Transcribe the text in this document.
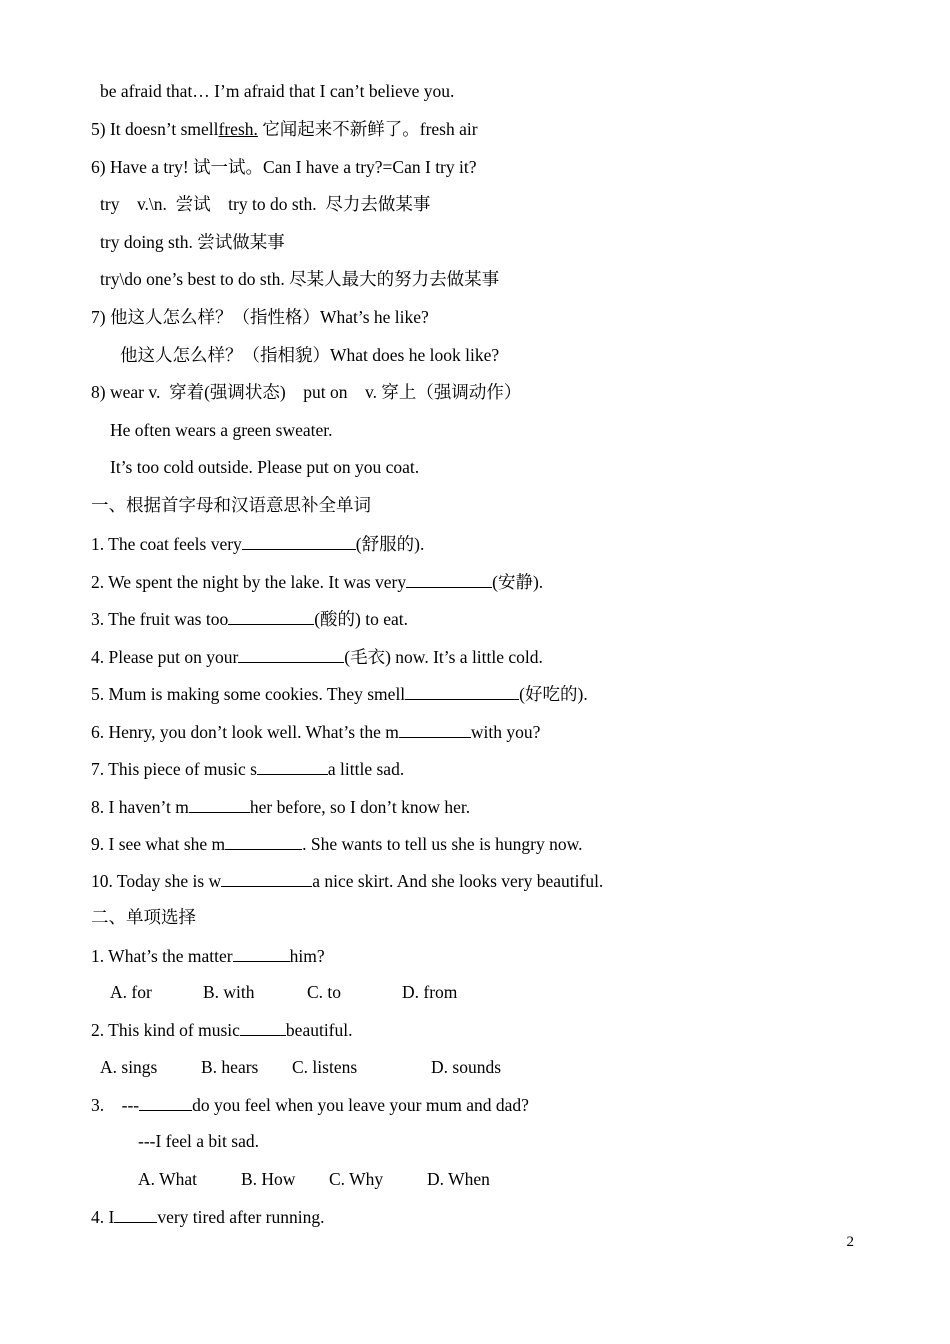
be afraid that… I’m afraid that I can’t believe you.
5) It doesn’t smellfresh. 它闻起来不新鲜了。fresh air
6) Have a try! 试一试。Can I have a try?=Can I try it?
try    v.\n.  尝试    try to do sth.  尽力去做某事
try doing sth. 尝试做某事
try\do one’s best to do sth. 尽某人最大的努力去做某事
7) 他这人怎么样？（指性格）What’s he like?
他这人怎么样？（指相貌）What does he look like?
8) wear v.  穿着(强调状态)    put on    v. 穿上（强调动作）
He often wears a green sweater.
It’s too cold outside. Please put on you coat.
一、根据首字母和汉语意思补全单词
1. The coat feels very	(舒服的).
2. We spent the night by the lake. It was very	(安静).
3. The fruit was too	(酸的) to eat.
4. Please put on your	(毛衣) now. It’s a little cold.
5. Mum is making some cookies. They smell	(好吃的).
6. Henry, you don’t look well. What’s the m	with you?
7. This piece of music s	a little sad.
8. I haven’t m	her before, so I don’t know her.
9. I see what she m	. She wants to tell us she is hungry now.
10. Today she is w	a nice skirt. And she looks very beautiful.
二、单项选择
1. What’s the matter	him?
A. for	B. with	C. to	D. from
2. This kind of music	beautiful.
A. sings B. hears C. listens	D. sounds
3.    ---	do you feel when you leave your mum and dad?
---I feel a bit sad.
A. What	B. How C. Why	D. When
4. I very tired after running.
2
